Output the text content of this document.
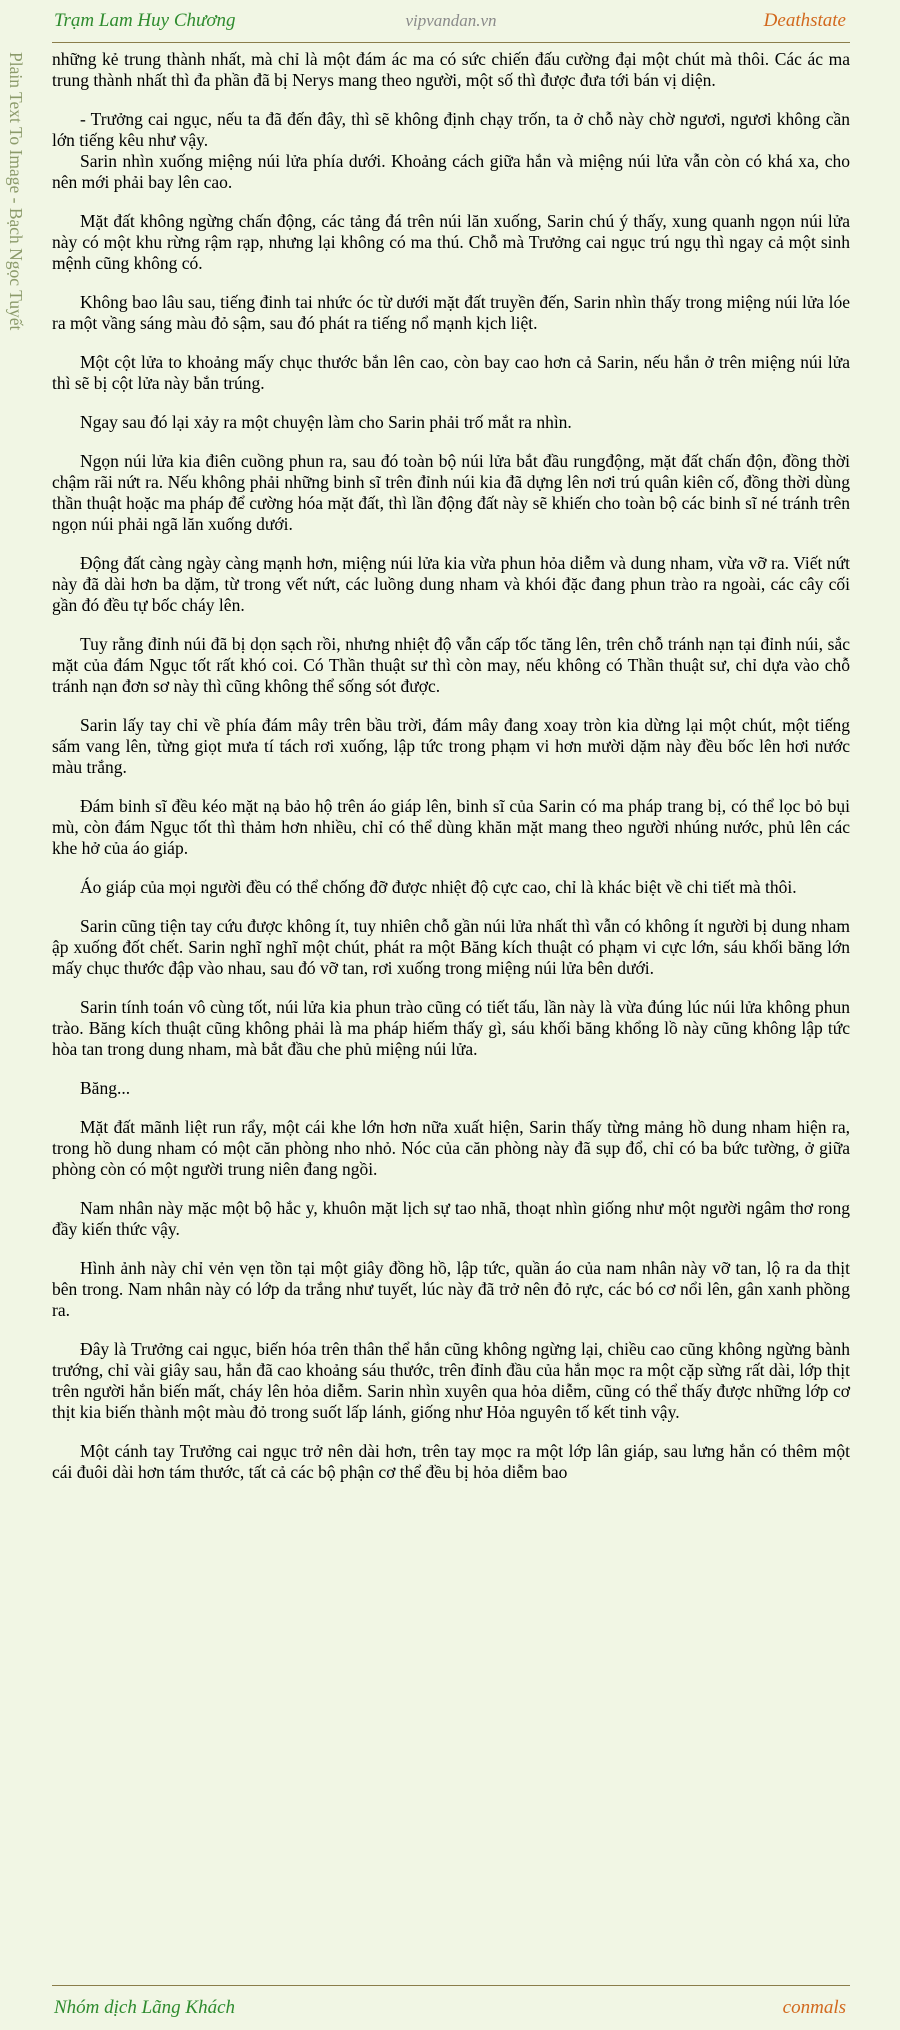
Trạm Lam Huy Chương	vipvandan.vn	Deathstate
Plain Text To Image - Bạch Ngọc Tuyết những kẻ trung thành nhất, mà chỉ là một đám ác ma có sức chiến đấu cường đại một chút mà thôi. Các ác ma trung thành nhất thì đa phần đã bị Nerys mang theo người, một số thì được đưa tới bán vị diện.

- Trưởng cai ngục, nếu ta đã đến đây, thì sẽ không định chạy trốn, ta ở chỗ này chờ ngươi, ngươi không cần lớn tiếng kêu như vậy.

Sarin nhìn xuống miệng núi lửa phía dưới. Khoảng cách giữa hắn và miệng núi lửa vẫn còn có khá xa, cho nên mới phải bay lên cao.

Mặt đất không ngừng chấn động, các tảng đá trên núi lăn xuống, Sarin chú ý thấy, xung quanh ngọn núi lửa này có một khu rừng rậm rạp, nhưng lại không có ma thú. Chỗ mà Trưởng cai ngục trú ngụ thì ngay cả một sinh mệnh cũng không có.

Không bao lâu sau, tiếng đinh tai nhức óc từ dưới mặt đất truyền đến, Sarin nhìn thấy trong miệng núi lửa lóe ra một vầng sáng màu đỏ sậm, sau đó phát ra tiếng nổ mạnh kịch liệt.

Một cột lửa to khoảng mấy chục thước bắn lên cao, còn bay cao hơn cả Sarin, nếu hắn ở trên miệng núi lửa thì sẽ bị cột lửa này bắn trúng.

Ngay sau đó lại xảy ra một chuyện làm cho Sarin phải trố mắt ra nhìn.

Ngọn núi lửa kia điên cuồng phun ra, sau đó toàn bộ núi lửa bắt đầu rungđộng, mặt đất chấn độn, đồng thời chậm rãi nứt ra. Nếu không phải những binh sĩ trên đỉnh núi kia đã dựng lên nơi trú quân kiên cố, đồng thời dùng thần thuật hoặc ma pháp để cường hóa mặt đất, thì lần động đất này sẽ khiến cho toàn bộ các binh sĩ né tránh trên ngọn núi phải ngã lăn xuống dưới.

Động đất càng ngày càng mạnh hơn, miệng núi lửa kia vừa phun hỏa diễm và dung nham, vừa vỡ ra. Viết nứt này đã dài hơn ba dặm, từ trong vết nứt, các luồng dung nham và khói đặc đang phun trào ra ngoài, các cây cối gần đó đều tự bốc cháy lên.

Tuy rằng đỉnh núi đã bị dọn sạch rồi, nhưng nhiệt độ vẫn cấp tốc tăng lên, trên chỗ tránh nạn tại đỉnh núi, sắc mặt của đám Ngục tốt rất khó coi. Có Thần thuật sư thì còn may, nếu không có Thần thuật sư, chỉ dựa vào chỗ tránh nạn đơn sơ này thì cũng không thể sống sót được.

Sarin lấy tay chỉ về phía đám mây trên bầu trời, đám mây đang xoay tròn kia dừng lại một chút, một tiếng sấm vang lên, từng giọt mưa tí tách rơi xuống, lập tức trong phạm vi hơn mười dặm này đều bốc lên hơi nước màu trắng.

Đám binh sĩ đều kéo mặt nạ bảo hộ trên áo giáp lên, binh sĩ của Sarin có ma pháp trang bị, có thể lọc bỏ bụi mù, còn đám Ngục tốt thì thảm hơn nhiều, chỉ có thể dùng khăn mặt mang theo người nhúng nước, phủ lên các khe hở của áo giáp.

Áo giáp của mọi người đều có thể chống đỡ được nhiệt độ cực cao, chỉ là khác biệt về chi tiết mà thôi.

Sarin cũng tiện tay cứu được không ít, tuy nhiên chỗ gần núi lửa nhất thì vẫn có không ít người bị dung nham ập xuống đốt chết. Sarin nghĩ nghĩ một chút, phát ra một Băng kích thuật có phạm vi cực lớn, sáu khối băng lớn mấy chục thước đập vào nhau, sau đó vỡ tan, rơi xuống trong miệng núi lửa bên dưới.

Sarin tính toán vô cùng tốt, núi lửa kia phun trào cũng có tiết tấu, lần này là vừa đúng lúc núi lửa không phun trào. Băng kích thuật cũng không phải là ma pháp hiếm thấy gì, sáu khối băng khổng lồ này cũng không lập tức hòa tan trong dung nham, mà bắt đầu che phủ miệng núi lửa.

Băng...

Mặt đất mãnh liệt run rẩy, một cái khe lớn hơn nữa xuất hiện, Sarin thấy từng mảng hồ dung nham hiện ra, trong hồ dung nham có một căn phòng nho nhỏ. Nóc của căn phòng này đã sụp đổ, chỉ có ba bức tường, ở giữa phòng còn có một người trung niên đang ngồi.

Nam nhân này mặc một bộ hắc y, khuôn mặt lịch sự tao nhã, thoạt nhìn giống như một người ngâm thơ rong đầy kiến thức vậy.

Hình ảnh này chỉ vẻn vẹn tồn tại một giây đồng hồ, lập tức, quần áo của nam nhân này vỡ tan, lộ ra da thịt bên trong. Nam nhân này có lớp da trắng như tuyết, lúc này đã trở nên đỏ rực, các bó cơ nổi lên, gân xanh phồng ra.

Đây là Trưởng cai ngục, biến hóa trên thân thể hắn cũng không ngừng lại, chiều cao cũng không ngừng bành trướng, chỉ vài giây sau, hắn đã cao khoảng sáu thước, trên đỉnh đầu của hắn mọc ra một cặp sừng rất dài, lớp thịt trên người hắn biến mất, cháy lên hỏa diễm. Sarin nhìn xuyên qua hỏa diễm, cũng có thể thấy được những lớp cơ thịt kia biến thành một màu đỏ trong suốt lấp lánh, giống như Hỏa nguyên tố kết tinh vậy.

Một cánh tay Trưởng cai ngục trở nên dài hơn, trên tay mọc ra một lớp lân giáp, sau lưng hắn có thêm một cái đuôi dài hơn tám thước, tất cả các bộ phận cơ thể đều bị hỏa diễm bao

Nhóm dịch Lãng Khách	conmals
